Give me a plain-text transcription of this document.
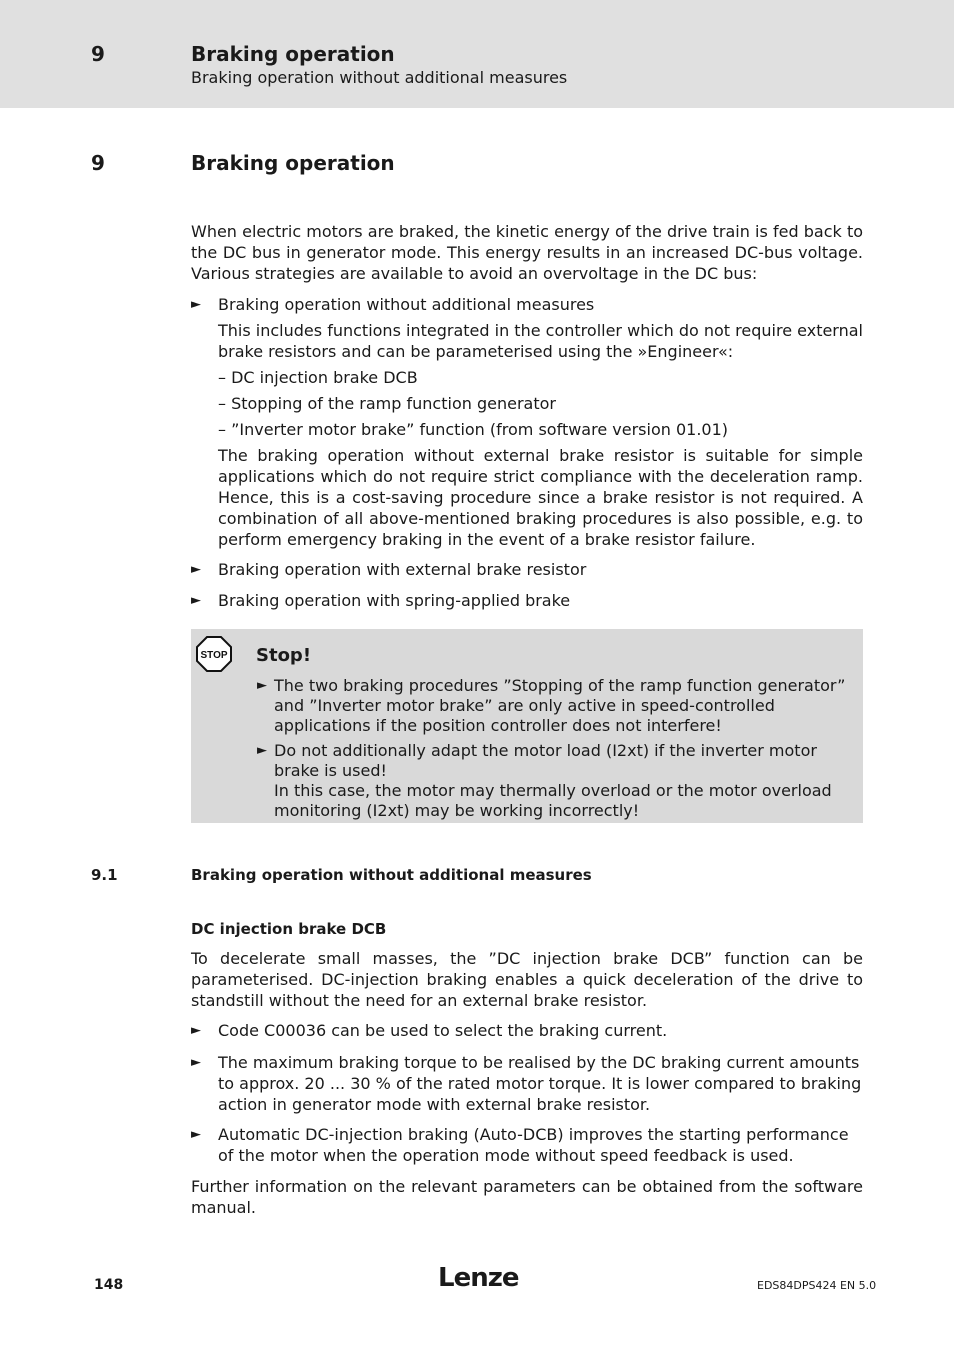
9	Braking operation
Braking operation without additional measures
9	Braking operation
When electric motors are braked, the kinetic energy of the drive train is fed back to the DC bus in generator mode. This energy results in an increased DC-bus voltage. Various strategies are available to avoid an overvoltage in the DC bus:
► Braking operation without additional measures
This includes functions integrated in the controller which do not require external brake resistors and can be parameterised using the »Engineer«:
– DC injection brake DCB
– Stopping of the ramp function generator
– ”Inverter motor brake” function (from software version 01.01)
The braking operation without external brake resistor is suitable for simple applications which do not require strict compliance with the deceleration ramp. Hence, this is a cost-saving procedure since a brake resistor is not required. A combination of all above-mentioned braking procedures is also possible, e.g. to perform emergency braking in the event of a brake resistor failure.
► Braking operation with external brake resistor
► Braking operation with spring-applied brake
STOP Stop!
► The two braking procedures ”Stopping of the ramp function generator” and ”Inverter motor brake” are only active in speed-controlled applications if the position controller does not interfere!
► Do not additionally adapt the motor load (I2xt) if the inverter motor brake is used!
In this case, the motor may thermally overload or the motor overload monitoring (I2xt) may be working incorrectly!
9.1	Braking operation without additional measures
DC injection brake DCB
To decelerate small masses, the ”DC injection brake DCB” function can be parameterised. DC-injection braking enables a quick deceleration of the drive to standstill without the need for an external brake resistor.
► Code C00036 can be used to select the braking current.
► The maximum braking torque to be realised by the DC braking current amounts to approx. 20 ... 30 % of the rated motor torque. It is lower compared to braking action in generator mode with external brake resistor.
► Automatic DC-injection braking (Auto-DCB) improves the starting performance of the motor when the operation mode without speed feedback is used.
Further information on the relevant parameters can be obtained from the software manual.
148	Lenze	EDS84DPS424 EN 5.0
